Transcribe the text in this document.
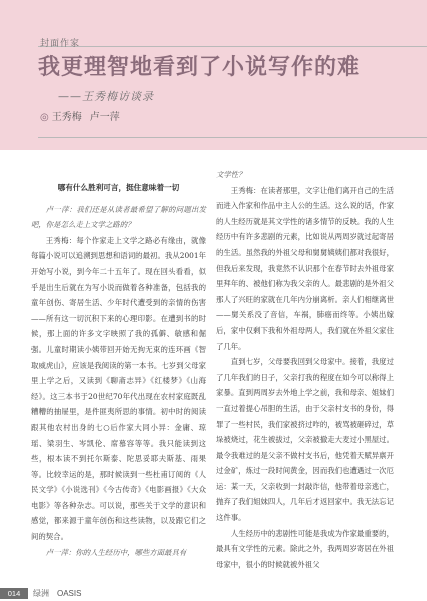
封面作家
我更理智地看到了小说写作的难
——王秀梅访谈录
◎ 王秀梅 卢一萍

哪有什么胜利可言，挺住意味着一切

卢一萍：我们还是从读者最希望了解的问题出发吧，你是怎么走上文学之路的？

王秀梅：每个作家走上文学之路必有缘由，就像每篇小说可以追溯到思想和语词的最初。我从2001年开始写小说，到今年二十五年了。现在回头看看，似乎是出生后就在为写小说而做着各种准备，包括我的童年创伤、寄居生活、少年时代遭受到的亲情的伤害——所有这一切沉积下来的心理印影。在遭到书的时候，那上面的许多文字映照了我的孤僻、敏感和倔强。儿童时期读小姨带回开始无拘无束的连环画《智取威虎山》，应该是我阅读的第一本书。七岁到父母家里上学之后，又读到《聊斋志异》《红楼梦》《山海经》。这三本书于20世纪70年代出现在农村家庭既乱糟糟的抽屉里，是件匪夷所思的事情。初中时的阅读跟其他农村出身的七○后作家大同小异：金庸、琼瑶、梁羽生、岑凯伦、席慕容等等。我只能读到这些，根本读不到托尔斯泰、陀思妥耶夫斯基、雨果等。比较幸运的是，那时候读到一些杜甫订阅的《人民文学》《小说选刊》《今古传奇》《电影画报》《大众电影》等各种杂志。可以说，那些关于文学的意识和感觉，都来源于童年创伤和这些读物，以及跟它们之间的契合。

卢一萍：你的人生经历中，哪些方面最具有

文学性？

王秀梅：在读者那里，文字让他们离开自己的生活而进入作家和作品中主人公的生活。这么说的话，作家的人生经历就是其文学性的诸多情节的反映。我的人生经历中有许多悲剧的元素，比如说从两周岁就过起寄居的生活。虽然我的外祖父母和舅舅姨姨们都对我很好，但我后来发现，我竟然不认识那个在春节时去外祖母家里拜年的、被他们称为我父亲的人。最悲剧的是外祖父那人了兴旺的家就在几年内分崩离析。亲人们相继离世——舅关系没了音信，车祸，肺癌而终等。小姨出嫁后，家中仅剩下我和外祖母两人，我们就在外祖父家住了几年。

直到七岁，父母要我回到父母家中。接着，我度过了几年我们的日子，父亲打我的程度在如今可以称得上家暴。直到两周岁去外地上学之前，我和母亲、姐妹们一直过着提心吊胆的生活，由于父亲村支书的身份，得罪了一些村民，我们家被挤过咋的，被骂被砸碎过，草垛被烧过，花生被拔过，父亲被撤走大麦过小黑屋过。最令我难过的是父亲不做村支书后，他凭着天赋异禀开过金矿，炼过一段时间黄金，因而我们也遭遇过一次厄运：某一天，父亲收到一封敲诈信，他带着母亲逃亡，抛弃了我们姐妹四人，几年后才返回家中。我无法忘记这件事。

人生经历中的悲剧性可能是我成为作家最重要的，最具有文学性的元素。除此之外，我两周岁寄居在外祖母家中，很小的时候就被外祖父

014	绿洲　OASIS
